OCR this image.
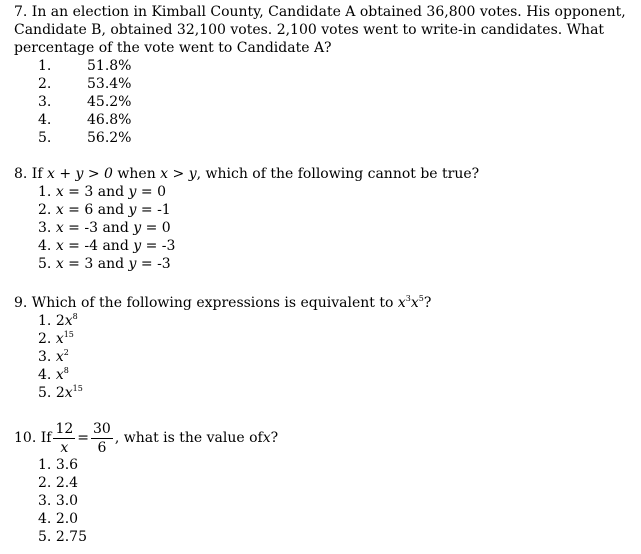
7. In an election in Kimball County, Candidate A obtained 36,800 votes. His opponent, Candidate B, obtained 32,100 votes. 2,100 votes went to write-in candidates. What percentage of the vote went to Candidate A?

1.	51.8%
2.	53.4%
3.	45.2%
4.	46.8%
5.	56.2%

8. If x + y > 0 when x > y, which of the following cannot be true?

1. x = 3 and y = 0
2. x = 6 and y = -1
3. x = -3 and y = 0
4. x = -4 and y = -3
5. x = 3 and y = -3

9. Which of the following expressions is equivalent to $x^3x^5$?

1. $2x^8$
2. $x^{15}$
3. $x^2$
4. $x^8$
5. $2x^{15}$
10. If $\frac{12}{x} = \frac{30}{6}$ , what is the value of x ?
1. 3.6
2. 2.4
3. 3.0
4. 2.0
5. 2.75
